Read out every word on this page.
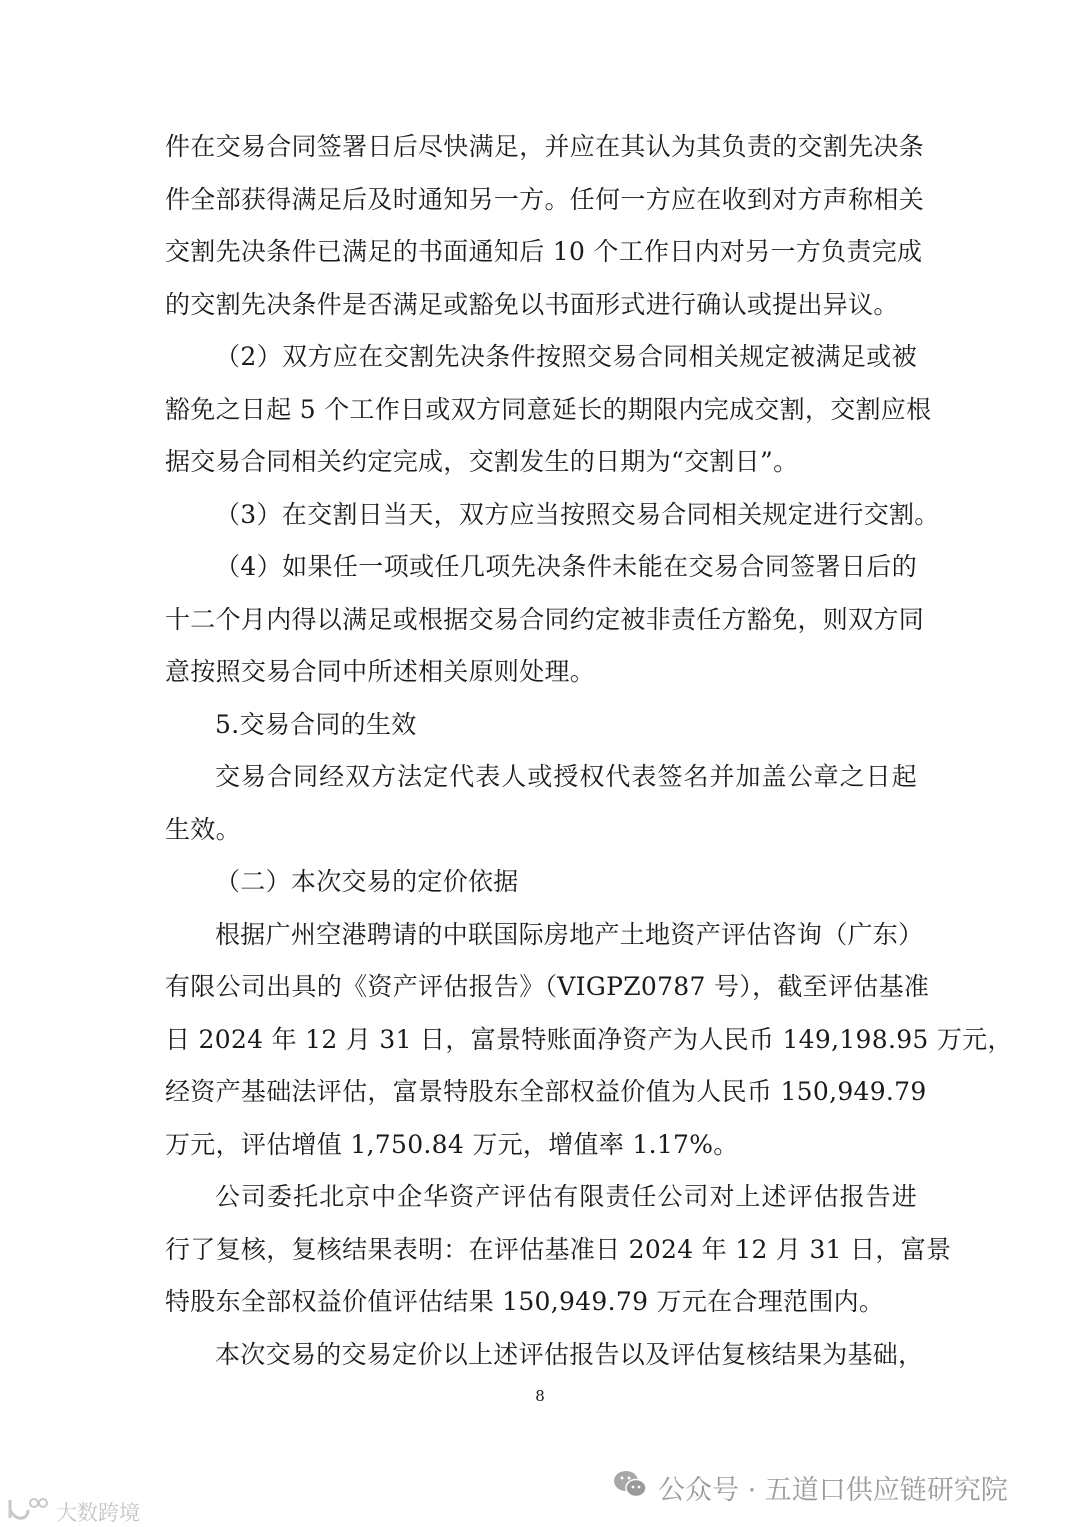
件在交易合同签署日后尽快满足，并应在其认为其负责的交割先决条
件全部获得满足后及时通知另一方。任何一方应在收到对方声称相关
交割先决条件已满足的书面通知后 10 个工作日内对另一方负责完成
的交割先决条件是否满足或豁免以书面形式进行确认或提出异议。
（2）双方应在交割先决条件按照交易合同相关规定被满足或被
豁免之日起 5 个工作日或双方同意延长的期限内完成交割，交割应根
据交易合同相关约定完成，交割发生的日期为“交割日”。
（3）在交割日当天，双方应当按照交易合同相关规定进行交割。
（4）如果任一项或任几项先决条件未能在交易合同签署日后的
十二个月内得以满足或根据交易合同约定被非责任方豁免，则双方同
意按照交易合同中所述相关原则处理。
5.交易合同的生效
交易合同经双方法定代表人或授权代表签名并加盖公章之日起
生效。
（二）本次交易的定价依据
根据广州空港聘请的中联国际房地产土地资产评估咨询（广东）
有限公司出具的《资产评估报告》（VIGPZ0787 号），截至评估基准
日 2024 年 12 月 31 日，富景特账面净资产为人民币 149,198.95 万元，
经资产基础法评估，富景特股东全部权益价值为人民币 150,949.79
万元，评估增值 1,750.84 万元，增值率 1.17%。
公司委托北京中企华资产评估有限责任公司对上述评估报告进
行了复核，复核结果表明：在评估基准日 2024 年 12 月 31 日，富景
特股东全部权益价值评估结果 150,949.79 万元在合理范围内。
本次交易的交易定价以上述评估报告以及评估复核结果为基础，
8
公众号 · 五道口供应链研究院
大数跨境
